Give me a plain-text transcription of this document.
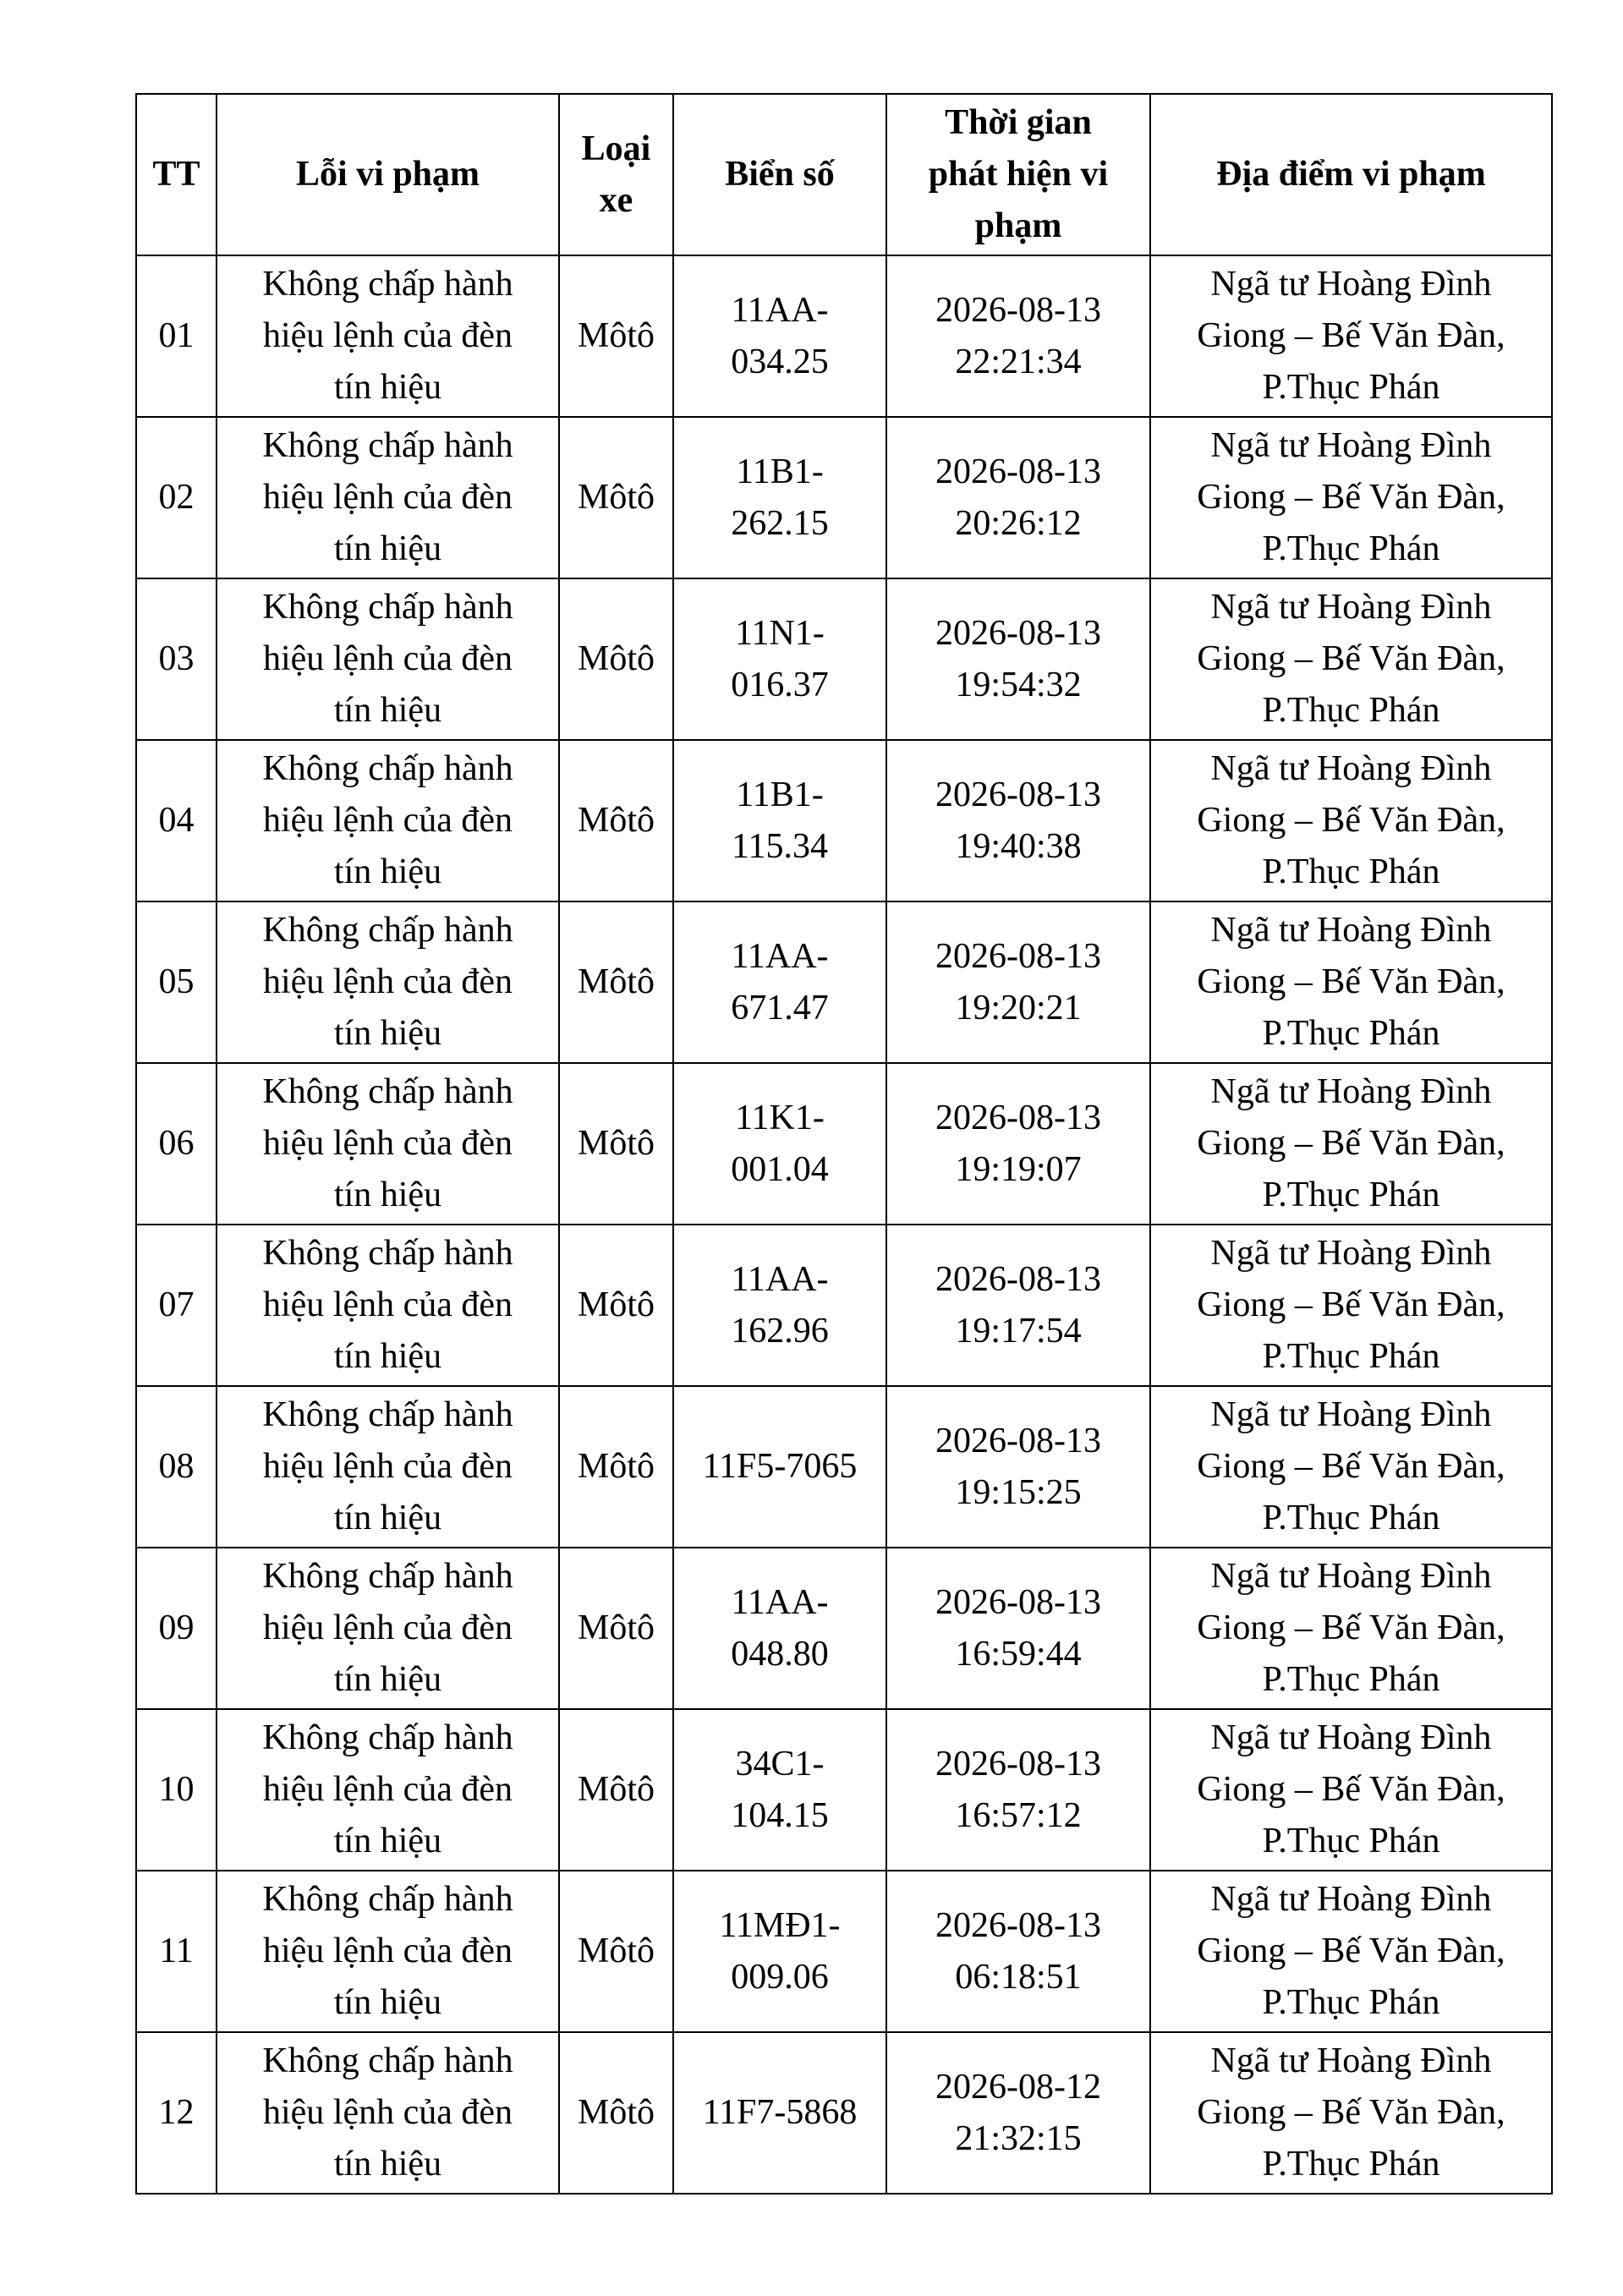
TT	Lỗi vi phạm	Loại
xe	Biển số	Thời gian
phát hiện vi
phạm	Địa điểm vi phạm
01	Không chấp hành
hiệu lệnh của đèn
tín hiệu	Môtô	11AA-
034.25	2026-08-13
22:21:34	Ngã tư Hoàng Đình
Giong – Bế Văn Đàn,
P.Thục Phán
02	Không chấp hành
hiệu lệnh của đèn
tín hiệu	Môtô	11B1-
262.15	2026-08-13
20:26:12	Ngã tư Hoàng Đình
Giong – Bế Văn Đàn,
P.Thục Phán
03	Không chấp hành
hiệu lệnh của đèn
tín hiệu	Môtô	11N1-
016.37	2026-08-13
19:54:32	Ngã tư Hoàng Đình
Giong – Bế Văn Đàn,
P.Thục Phán
04	Không chấp hành
hiệu lệnh của đèn
tín hiệu	Môtô	11B1-
115.34	2026-08-13
19:40:38	Ngã tư Hoàng Đình
Giong – Bế Văn Đàn,
P.Thục Phán
05	Không chấp hành
hiệu lệnh của đèn
tín hiệu	Môtô	11AA-
671.47	2026-08-13
19:20:21	Ngã tư Hoàng Đình
Giong – Bế Văn Đàn,
P.Thục Phán
06	Không chấp hành
hiệu lệnh của đèn
tín hiệu	Môtô	11K1-
001.04	2026-08-13
19:19:07	Ngã tư Hoàng Đình
Giong – Bế Văn Đàn,
P.Thục Phán
07	Không chấp hành
hiệu lệnh của đèn
tín hiệu	Môtô	11AA-
162.96	2026-08-13
19:17:54	Ngã tư Hoàng Đình
Giong – Bế Văn Đàn,
P.Thục Phán
08	Không chấp hành
hiệu lệnh của đèn
tín hiệu	Môtô	11F5-7065	2026-08-13
19:15:25	Ngã tư Hoàng Đình
Giong – Bế Văn Đàn,
P.Thục Phán
09	Không chấp hành
hiệu lệnh của đèn
tín hiệu	Môtô	11AA-
048.80	2026-08-13
16:59:44	Ngã tư Hoàng Đình
Giong – Bế Văn Đàn,
P.Thục Phán
10	Không chấp hành
hiệu lệnh của đèn
tín hiệu	Môtô	34C1-
104.15	2026-08-13
16:57:12	Ngã tư Hoàng Đình
Giong – Bế Văn Đàn,
P.Thục Phán
11	Không chấp hành
hiệu lệnh của đèn
tín hiệu	Môtô	11MĐ1-
009.06	2026-08-13
06:18:51	Ngã tư Hoàng Đình
Giong – Bế Văn Đàn,
P.Thục Phán
12	Không chấp hành
hiệu lệnh của đèn
tín hiệu	Môtô	11F7-5868	2026-08-12
21:32:15	Ngã tư Hoàng Đình
Giong – Bế Văn Đàn,
P.Thục Phán
